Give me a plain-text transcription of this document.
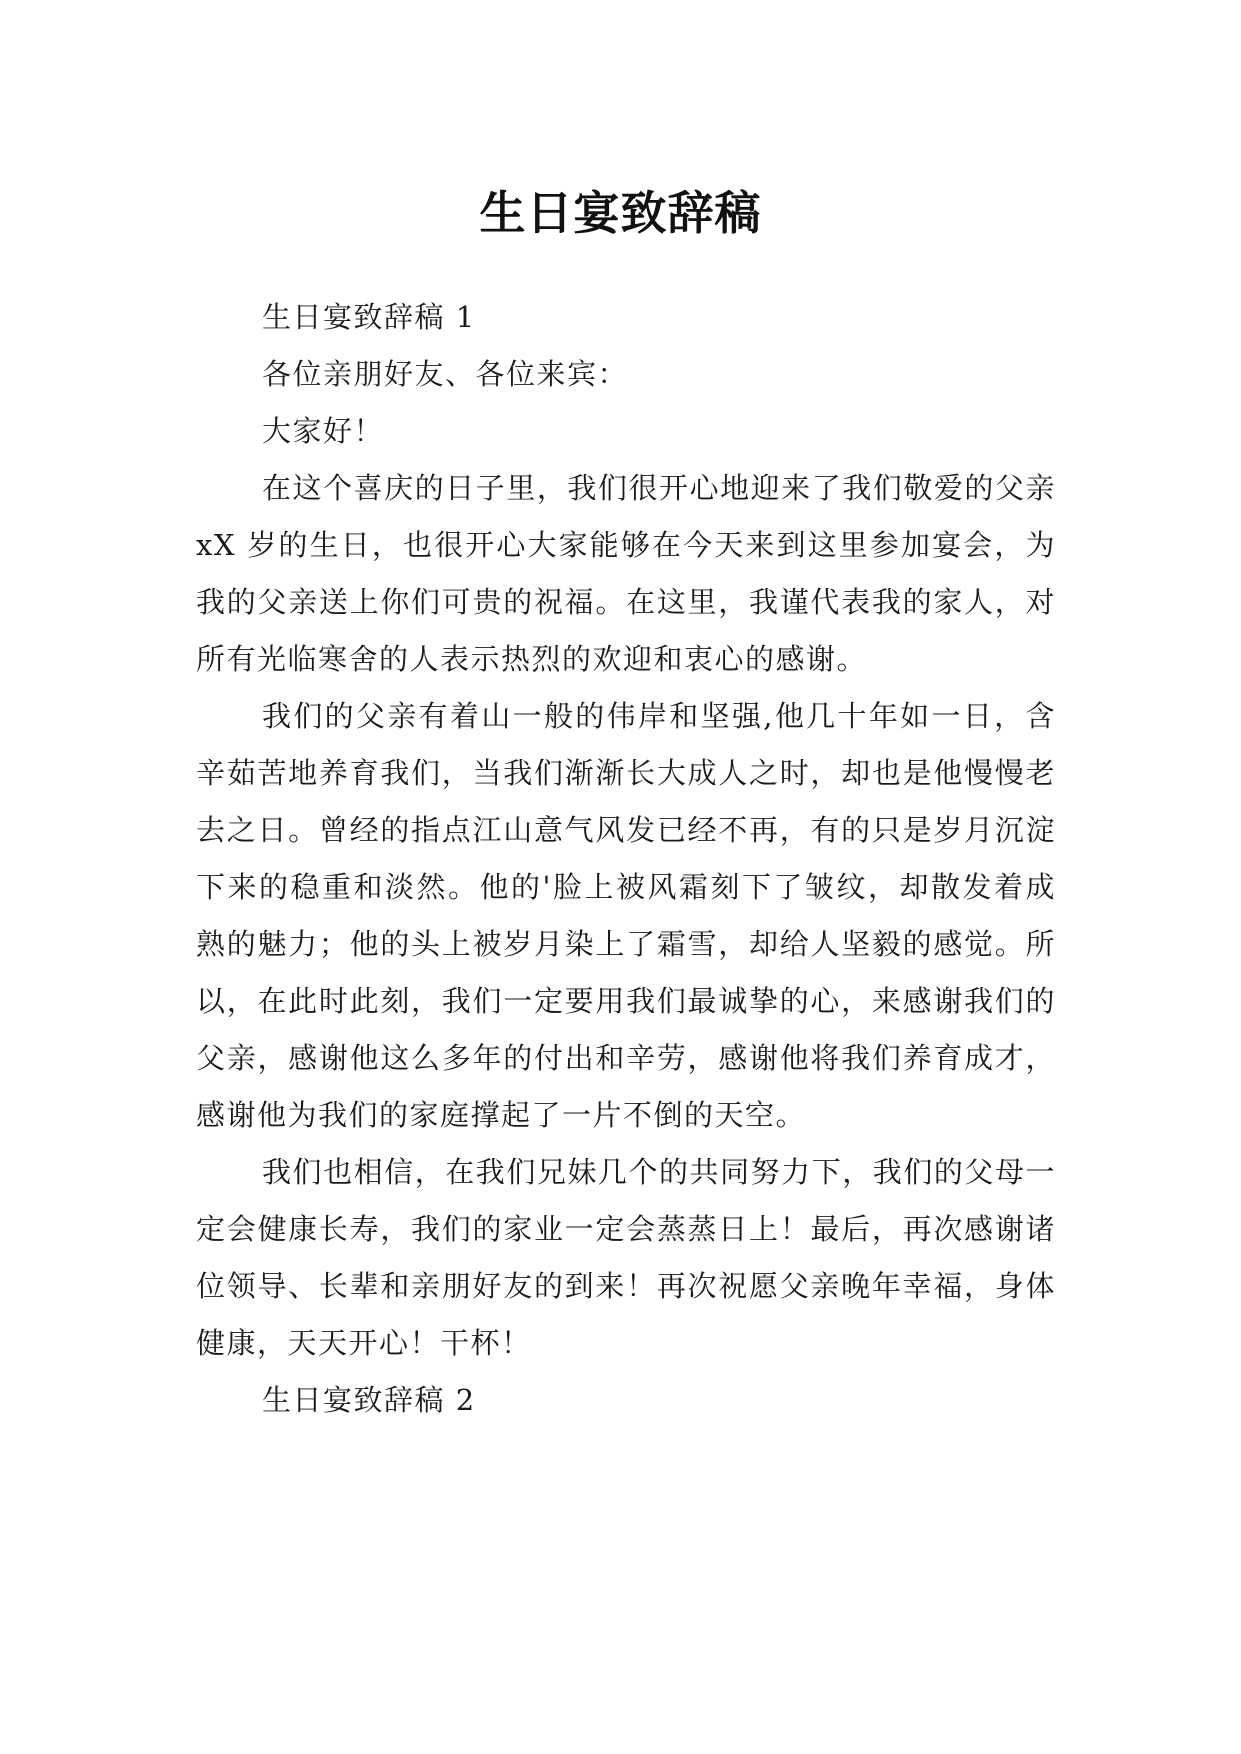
生日宴致辞稿

生日宴致辞稿 1

各位亲朋好友、各位来宾：

大家好！

在这个喜庆的日子里，我们很开心地迎来了我们敬爱的父亲 xX 岁的生日，也很开心大家能够在今天来到这里参加宴会，为我的父亲送上你们可贵的祝福。在这里，我谨代表我的家人，对所有光临寒舍的人表示热烈的欢迎和衷心的感谢。

我们的父亲有着山一般的伟岸和坚强,他几十年如一日，含辛茹苦地养育我们，当我们渐渐长大成人之时，却也是他慢慢老去之日。曾经的指点江山意气风发已经不再，有的只是岁月沉淀下来的稳重和淡然。他的'脸上被风霜刻下了皱纹，却散发着成熟的魅力；他的头上被岁月染上了霜雪，却给人坚毅的感觉。所以，在此时此刻，我们一定要用我们最诚挚的心，来感谢我们的父亲，感谢他这么多年的付出和辛劳，感谢他将我们养育成才，感谢他为我们的家庭撑起了一片不倒的天空。

我们也相信，在我们兄妹几个的共同努力下，我们的父母一定会健康长寿，我们的家业一定会蒸蒸日上！最后，再次感谢诸位领导、长辈和亲朋好友的到来！再次祝愿父亲晚年幸福，身体健康，天天开心！干杯！

生日宴致辞稿 2
